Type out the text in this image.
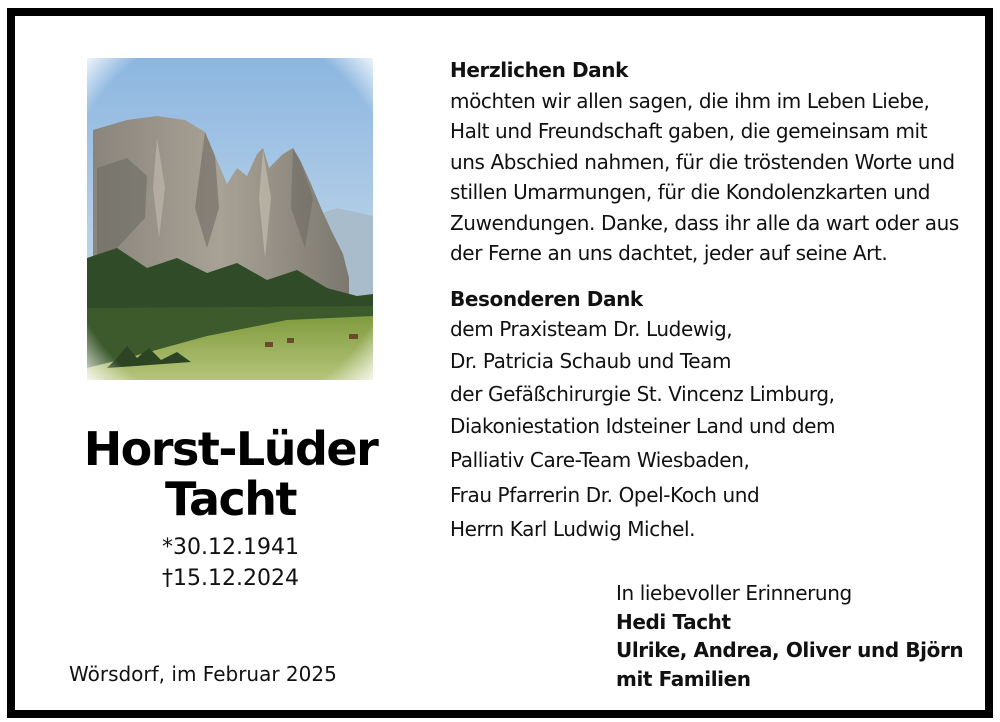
Horst-Lüder
Tacht
*30.12.1941
†15.12.2024
Wörsdorf, im Februar 2025

Herzlichen Dank

möchten wir allen sagen, die ihm im Leben Liebe,

Halt und Freundschaft gaben, die gemeinsam mit

uns Abschied nahmen, für die tröstenden Worte und

stillen Umarmungen, für die Kondolenzkarten und

Zuwendungen. Danke, dass ihr alle da wart oder aus

der Ferne an uns dachtet, jeder auf seine Art.

Besonderen Dank
dem Praxisteam Dr. Ludewig,
Dr. Patricia Schaub und Team
der Gefäßchirurgie St. Vincenz Limburg,
Diakoniestation Idsteiner Land und dem
Palliativ Care-Team Wiesbaden,
Frau Pfarrerin Dr. Opel-Koch und
Herrn Karl Ludwig Michel.
In liebevoller Erinnerung
Hedi Tacht
Ulrike, Andrea, Oliver und Björn
mit Familien
